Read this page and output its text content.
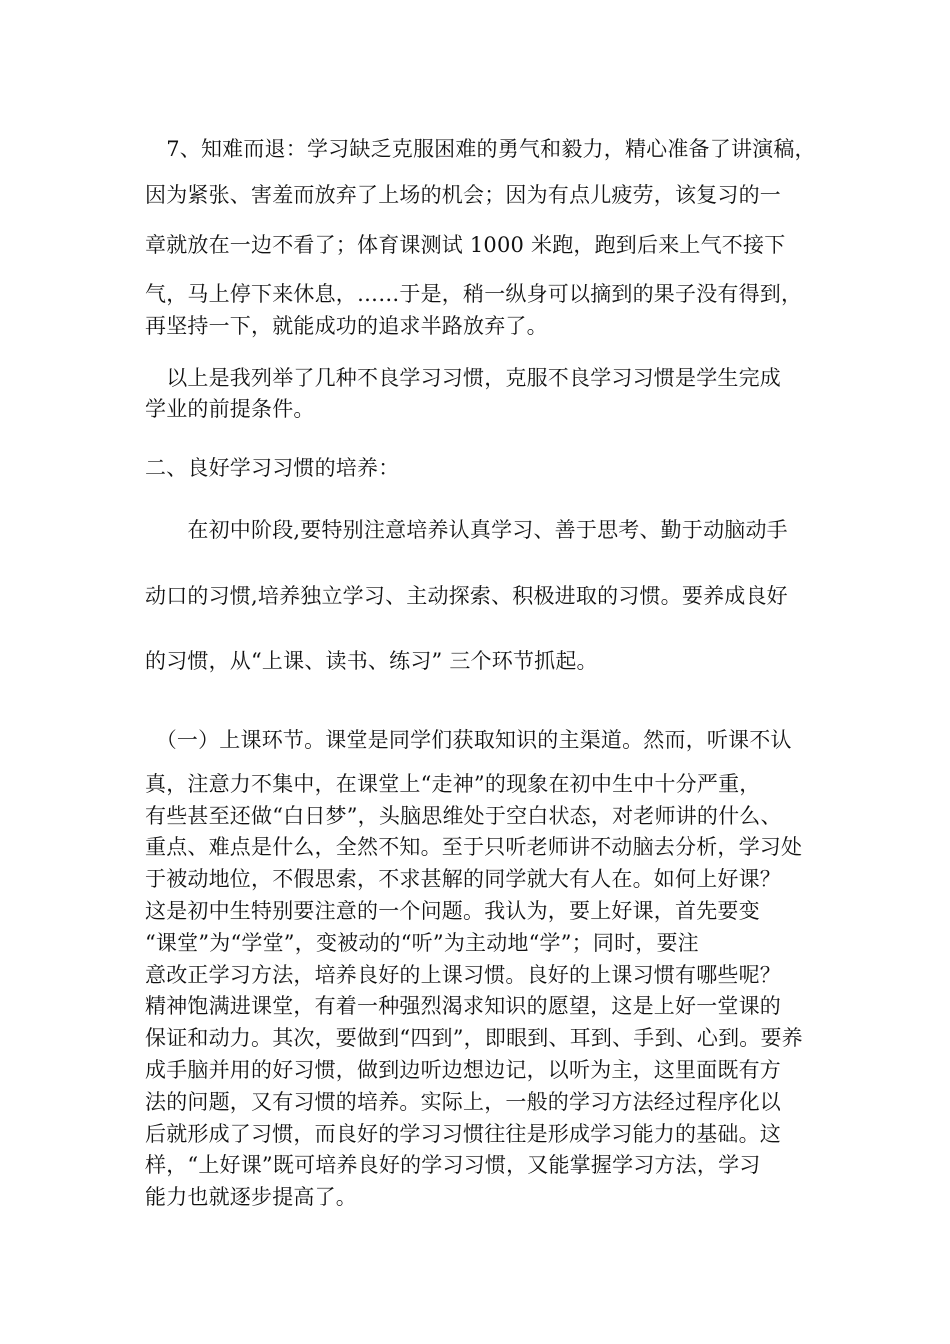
　7、知难而退：学习缺乏克服困难的勇气和毅力，精心准备了讲演稿，
因为紧张、害羞而放弃了上场的机会；因为有点儿疲劳，该复习的一
章就放在一边不看了；体育课测试 1000 米跑，跑到后来上气不接下
气，马上停下来休息，……于是，稍一纵身可以摘到的果子没有得到，
再坚持一下，就能成功的追求半路放弃了。
　以上是我列举了几种不良学习习惯，克服不良学习习惯是学生完成
学业的前提条件。
二、良好学习习惯的培养：
　　在初中阶段,要特别注意培养认真学习、善于思考、勤于动脑动手
动口的习惯,培养独立学习、主动探索、积极进取的习惯。要养成良好
的习惯，从“上课、读书、练习” 三个环节抓起。
　（一）上课环节。课堂是同学们获取知识的主渠道。然而，听课不认
真，注意力不集中，在课堂上“走神”的现象在初中生中十分严重，
有些甚至还做“白日梦”，头脑思维处于空白状态，对老师讲的什么、
重点、难点是什么，全然不知。至于只听老师讲不动脑去分析，学习处
于被动地位，不假思索，不求甚解的同学就大有人在。如何上好课？
这是初中生特别要注意的一个问题。我认为，要上好课，首先要变
“课堂”为“学堂”，变被动的“听”为主动地“学”；同时，要注
意改正学习方法，培养良好的上课习惯。良好的上课习惯有哪些呢？
精神饱满进课堂，有着一种强烈渴求知识的愿望，这是上好一堂课的
保证和动力。其次，要做到“四到”，即眼到、耳到、手到、心到。要养
成手脑并用的好习惯，做到边听边想边记，以听为主，这里面既有方
法的问题，又有习惯的培养。实际上，一般的学习方法经过程序化以
后就形成了习惯，而良好的学习习惯往往是形成学习能力的基础。这
样，“上好课”既可培养良好的学习习惯，又能掌握学习方法，学习
能力也就逐步提高了。
